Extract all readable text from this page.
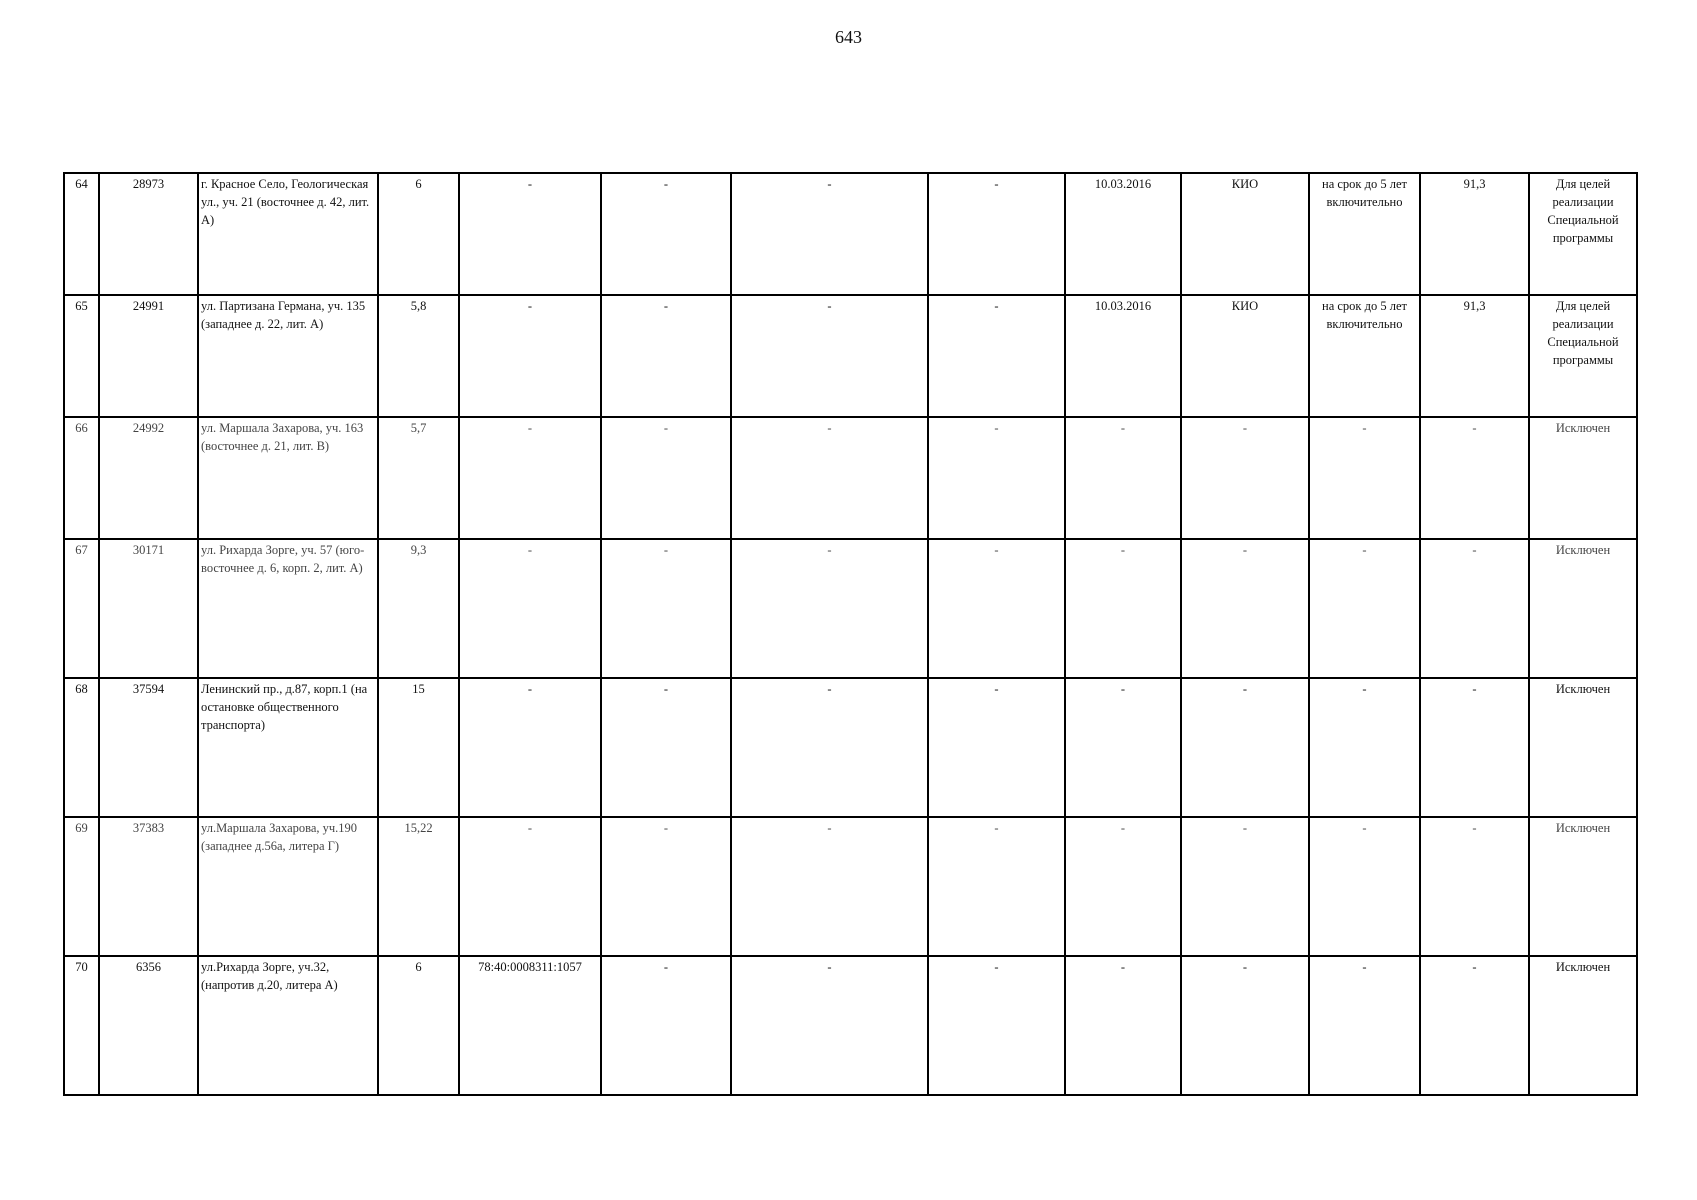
643
64	28973	г. Красное Село, Геологическая ул., уч. 21 (восточнее д. 42, лит. А)	6	-	-	-	-	10.03.2016	КИО	на срок до 5 лет включительно	91,3	Для целей реализации Специальной программы
65	24991	ул. Партизана Германа, уч. 135 (западнее д. 22, лит. А)	5,8	-	-	-	-	10.03.2016	КИО	на срок до 5 лет включительно	91,3	Для целей реализации Специальной программы
66	24992	ул. Маршала Захарова, уч. 163 (восточнее д. 21, лит. В)	5,7	-	-	-	-	-	-	-	-	Исключен
67	30171	ул. Рихарда Зорге, уч. 57 (юго-восточнее д. 6, корп. 2, лит. А)	9,3	-	-	-	-	-	-	-	-	Исключен
68	37594	Ленинский пр., д.87, корп.1 (на остановке общественного транспорта)	15	-	-	-	-	-	-	-	-	Исключен
69	37383	ул.Маршала Захарова, уч.190 (западнее д.56а, литера Г)	15,22	-	-	-	-	-	-	-	-	Исключен
70	6356	ул.Рихарда Зорге, уч.32, (напротив д.20, литера А)	6	78:40:0008311:1057	-	-	-	-	-	-	-	Исключен
